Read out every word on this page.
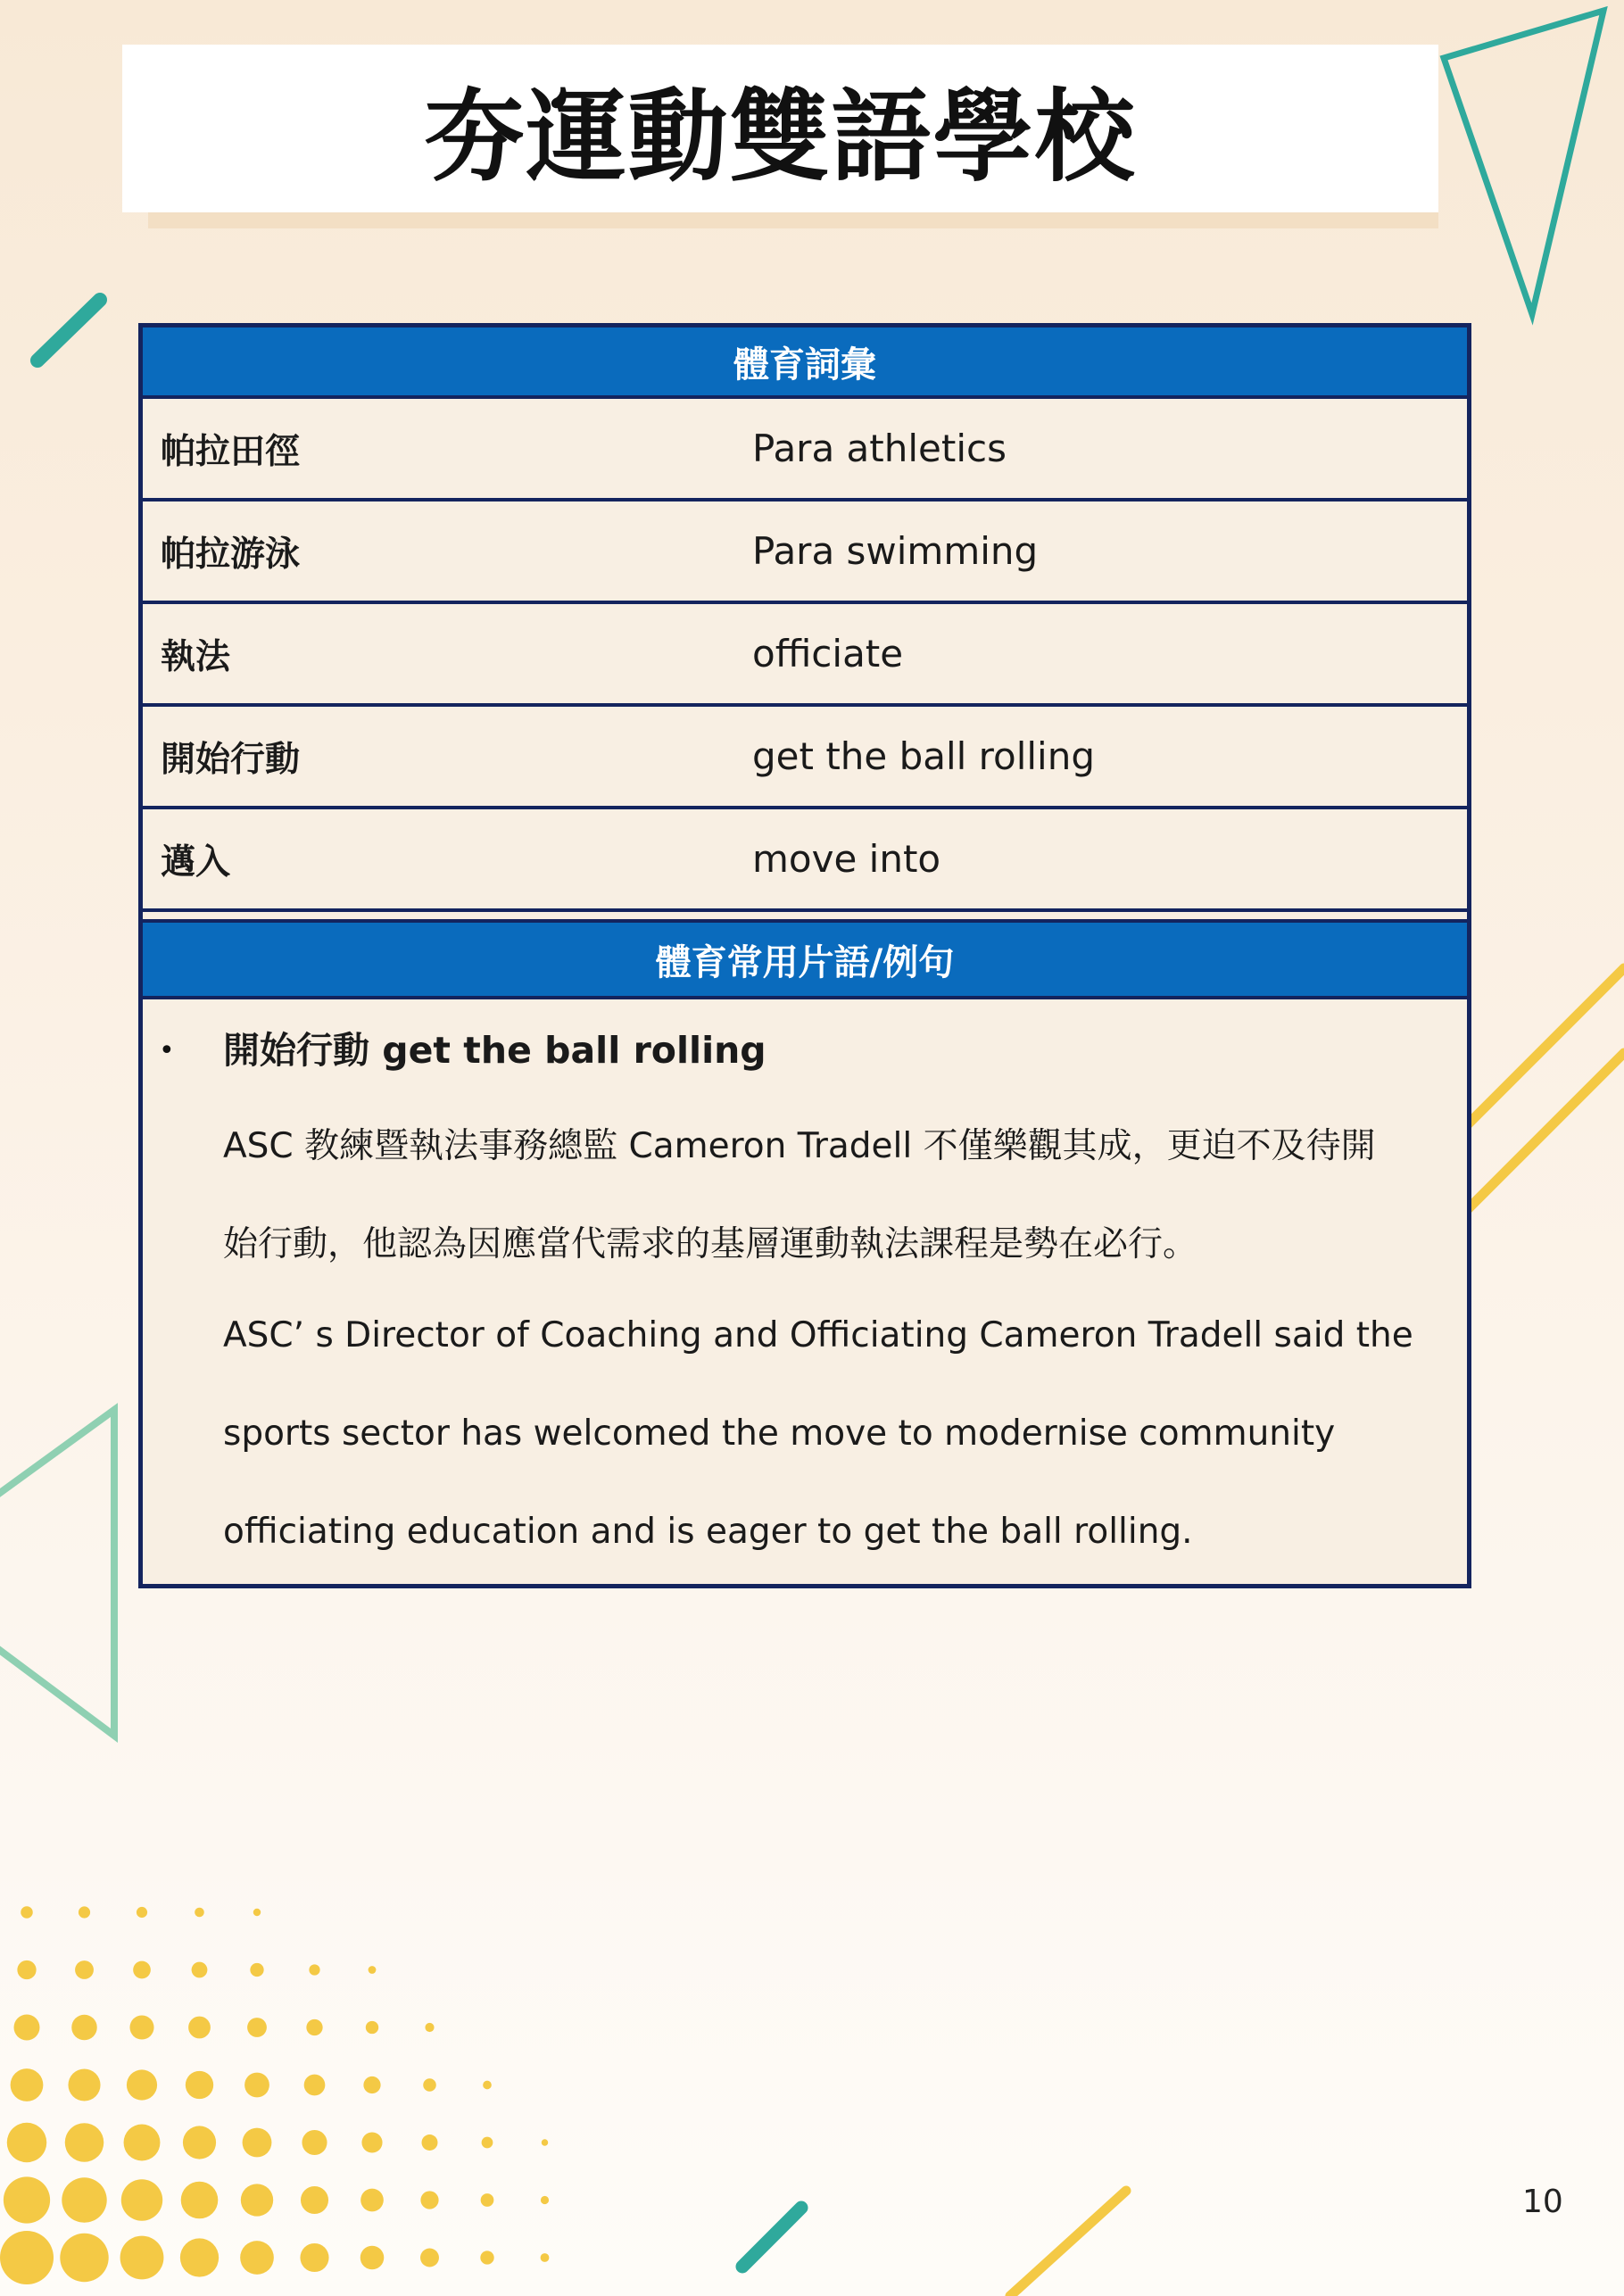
夯運動雙語學校
體育詞彙
帕拉田徑	Para athletics
帕拉游泳	Para swimming
執法	officiate
開始行動	get the ball rolling
邁入	move into
體育常用片語/例句
• 開始行動 get the ball rolling
ASC 教練暨執法事務總監 Cameron Tradell 不僅樂觀其成，更迫不及待開
始行動，他認為因應當代需求的基層運動執法課程是勢在必行。
ASC’ s Director of Coaching and Officiating Cameron Tradell said the
sports sector has welcomed the move to modernise community
officiating education and is eager to get the ball rolling.
10
